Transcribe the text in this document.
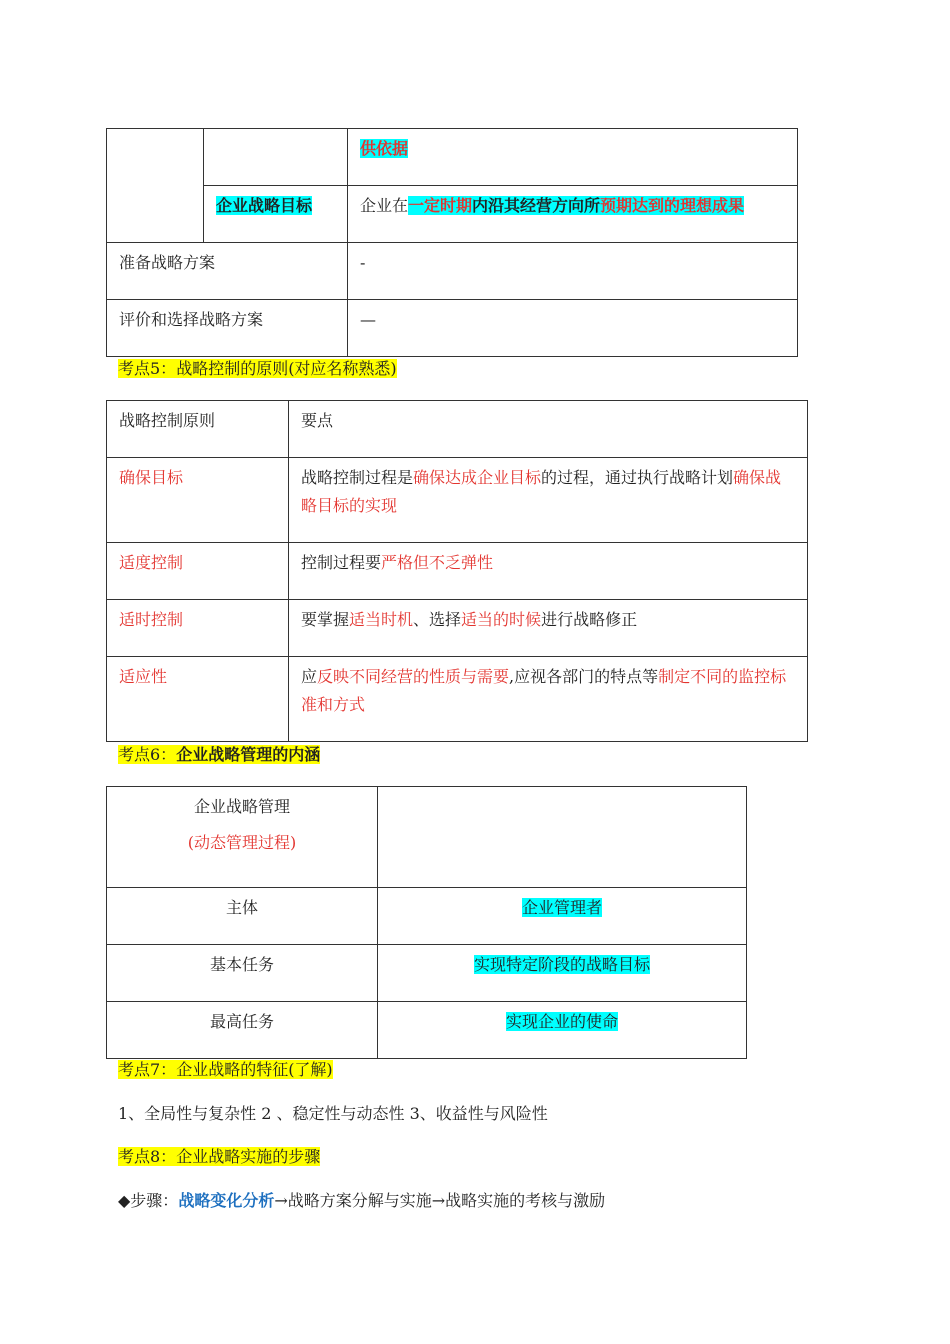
		供依据
	企业战略目标	企业在一定时期内沿其经营方向所预期达到的理想成果
准备战略方案		-
评价和选择战略方案		—
考点5：战略控制的原则(对应名称熟悉)
战略控制原则	要点
确保目标	战略控制过程是确保达成企业目标的过程，通过执行战略计划确保战略目标的实现
适度控制	控制过程要严格但不乏弹性
适时控制	要掌握适当时机、选择适当的时候进行战略修正
适应性	应反映不同经营的性质与需要,应视各部门的特点等制定不同的监控标准和方式
考点6：企业战略管理的内涵
企业战略管理
(动态管理过程)	

主体	企业管理者
基本任务	实现特定阶段的战略目标
最高任务	实现企业的使命
考点7：企业战略的特征(了解)
1、全局性与复杂性 2 、稳定性与动态性 3、收益性与风险性
考点8：企业战略实施的步骤
◆步骤：战略变化分析→战略方案分解与实施→战略实施的考核与激励
